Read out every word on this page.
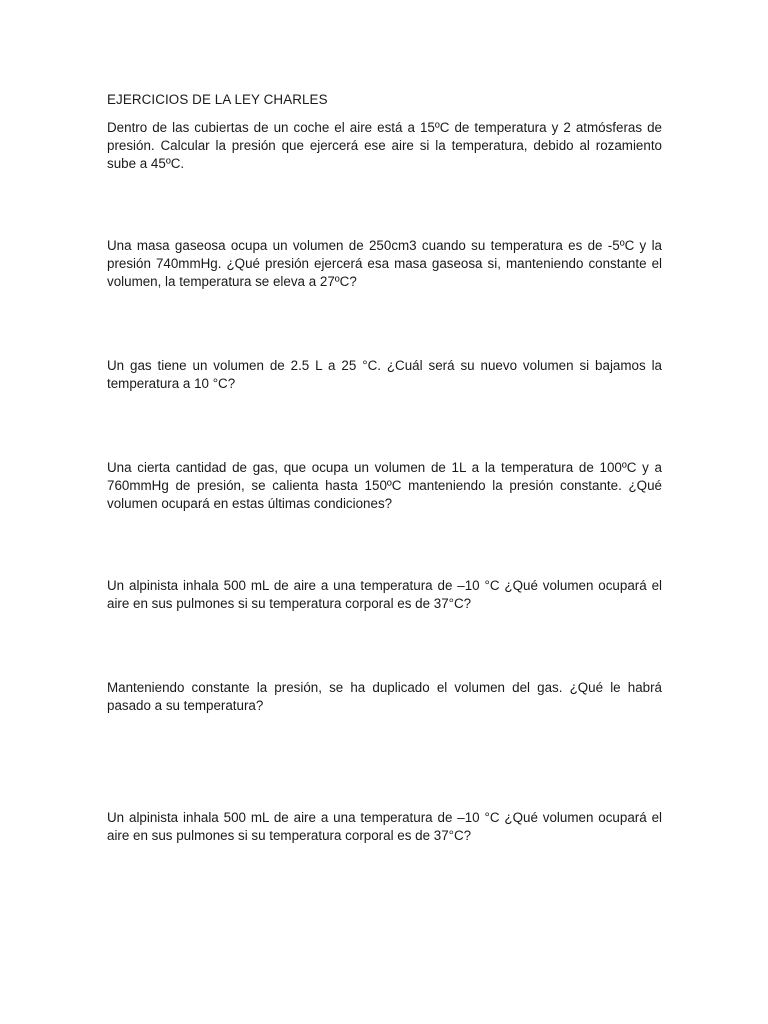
EJERCICIOS DE LA LEY CHARLES

Dentro de las cubiertas de un coche el aire está a 15ºC de temperatura y 2 atmósferas de presión. Calcular la presión que ejercerá ese aire si la temperatura, debido al rozamiento sube a 45ºC.

Una masa gaseosa ocupa un volumen de 250cm3 cuando su temperatura es de -5ºC y la presión 740mmHg. ¿Qué presión ejercerá esa masa gaseosa si, manteniendo constante el volumen, la temperatura se eleva a 27ºC?

Un gas tiene un volumen de 2.5 L a 25 °C. ¿Cuál será su nuevo volumen si bajamos la temperatura a 10 °C?

Una cierta cantidad de gas, que ocupa un volumen de 1L a la temperatura de 100ºC y a 760mmHg de presión, se calienta hasta 150ºC manteniendo la presión constante. ¿Qué volumen ocupará en estas últimas condiciones?

Un alpinista inhala 500 mL de aire a una temperatura de –10 °C ¿Qué volumen ocupará el aire en sus pulmones si su temperatura corporal es de 37°C?

Manteniendo constante la presión, se ha duplicado el volumen del gas. ¿Qué le habrá pasado a su temperatura?

Un alpinista inhala 500 mL de aire a una temperatura de –10 °C ¿Qué volumen ocupará el aire en sus pulmones si su temperatura corporal es de 37°C?
